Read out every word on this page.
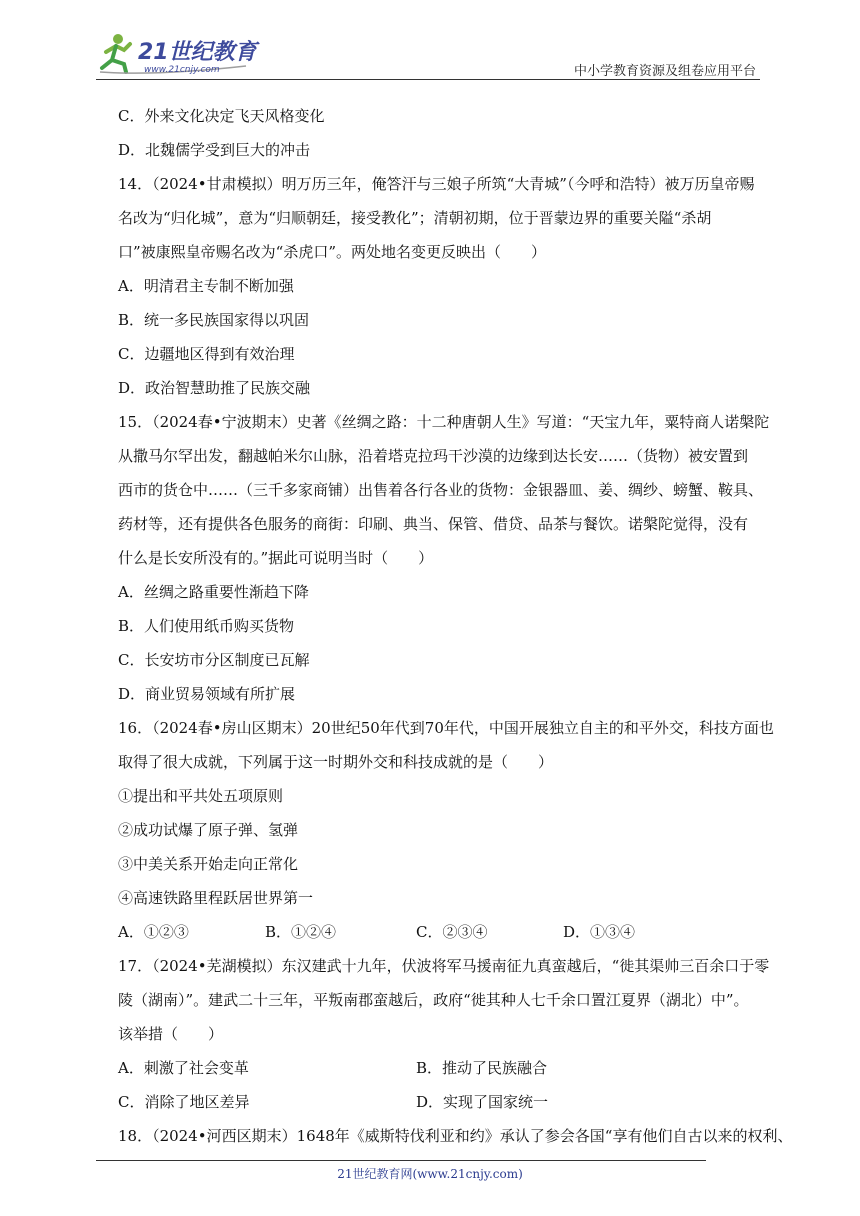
21世纪教育
www.21cnjy.com	中小学教育资源及组卷应用平台
C．外来文化决定飞天风格变化
D．北魏儒学受到巨大的冲击
14．（2024•甘肃模拟）明万历三年，俺答汗与三娘子所筑“大青城”（今呼和浩特）被万历皇帝赐
名改为“归化城”，意为“归顺朝廷，接受教化”；清朝初期，位于晋蒙边界的重要关隘“杀胡
口”被康熙皇帝赐名改为“杀虎口”。两处地名变更反映出（　　）
A．明清君主专制不断加强
B．统一多民族国家得以巩固
C．边疆地区得到有效治理
D．政治智慧助推了民族交融
15．（2024春•宁波期末）史著《丝绸之路：十二种唐朝人生》写道：“天宝九年，粟特商人诺槃陀
从撒马尔罕出发，翻越帕米尔山脉，沿着塔克拉玛干沙漠的边缘到达长安……（货物）被安置到
西市的货仓中……（三千多家商铺）出售着各行各业的货物：金银器皿、姜、绸纱、螃蟹、鞍具、
药材等，还有提供各色服务的商街：印刷、典当、保管、借贷、品茶与餐饮。诺槃陀觉得，没有
什么是长安所没有的。”据此可说明当时（　　）
A．丝绸之路重要性渐趋下降
B．人们使用纸币购买货物
C．长安坊市分区制度已瓦解
D．商业贸易领域有所扩展
16．（2024春•房山区期末）20世纪50年代到70年代，中国开展独立自主的和平外交，科技方面也
取得了很大成就，下列属于这一时期外交和科技成就的是（　　）
①提出和平共处五项原则
②成功试爆了原子弹、氢弹
③中美关系开始走向正常化
④高速铁路里程跃居世界第一
A．①②③	B．①②④	C．②③④	D．①③④
17．（2024•芜湖模拟）东汉建武十九年，伏波将军马援南征九真蛮越后，“徙其渠帅三百余口于零
陵（湖南）”。建武二十三年，平叛南郡蛮越后，政府“徙其种人七千余口置江夏界（湖北）中”。
该举措（　　）
A．刺激了社会变革	B．推动了民族融合
C．消除了地区差异	D．实现了国家统一
18．（2024•河西区期末）1648年《威斯特伐利亚和约》承认了参会各国“享有他们自古以来的权利、
21世纪教育网(www.21cnjy.com)
